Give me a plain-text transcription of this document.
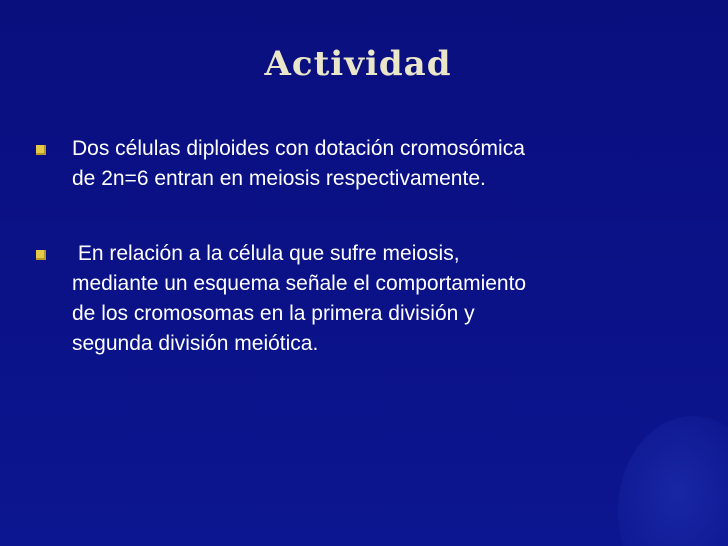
Actividad
Dos células diploides con dotación cromosómica
de 2n=6 entran en meiosis respectivamente.
En relación a la célula que sufre meiosis,
mediante un esquema señale el comportamiento
de los cromosomas en la primera división y
segunda división meiótica.
